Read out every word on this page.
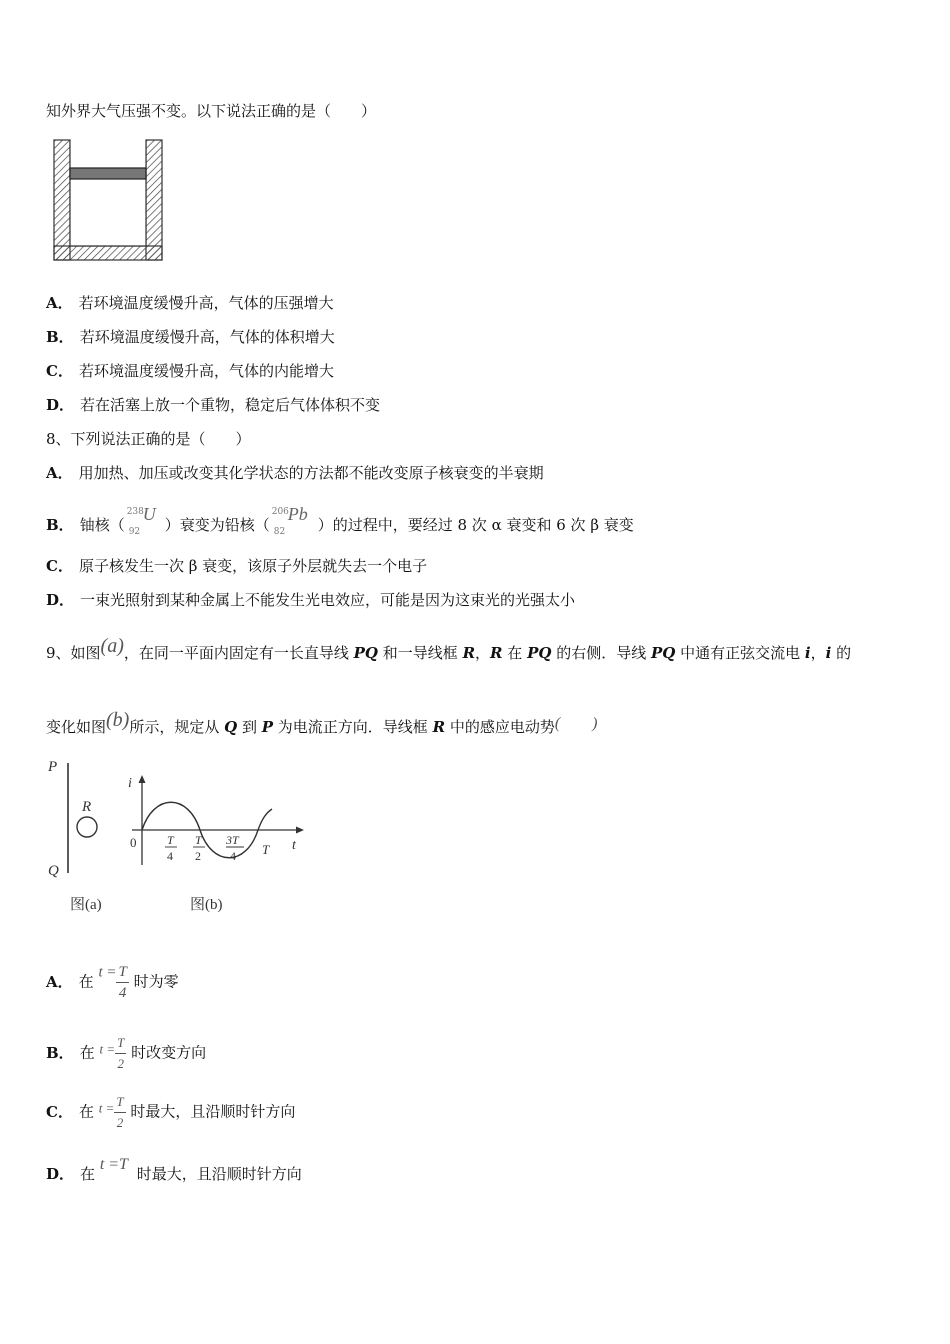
知外界大气压强不变。以下说法正确的是（　　）
A． 若环境温度缓慢升高，气体的压强增大
B． 若环境温度缓慢升高，气体的体积增大
C． 若环境温度缓慢升高，气体的内能增大
D． 若在活塞上放一个重物，稳定后气体体积不变
8、下列说法正确的是（　　）
A． 用加热、加压或改变其化学状态的方法都不能改变原子核衰变的半衰期
B． 铀核（
238
92
U
）衰变为铅核（
206
82
Pb
）的过程中，要经过 8 次 α 衰变和 6 次 β 衰变
C． 原子核发生一次 β 衰变，该原子外层就失去一个电子
D． 一束光照射到某种金属上不能发生光电效应，可能是因为这束光的光强太小
9、如图(a)，在同一平面内固定有一长直导线 PQ 和一导线框 R，R 在 PQ 的右侧．导线 PQ 中通有正弦交流电 i，i 的
变化如图(b)所示，规定从 Q 到 P 为电流正方向．导线框 R 中的感应电动势(　　)
P
Q
R
图(a)
i
t
0	T
4
T
2
3T
4 T
图(b)
A． 在 $t = \frac{T}{4}$ 时为零
B． 在 $t = \frac{T}{2}$ 时改变方向
C． 在 $t = \frac{T}{2}$ 时最大，且沿顺时针方向
D． 在 t =T 时最大，且沿顺时针方向
